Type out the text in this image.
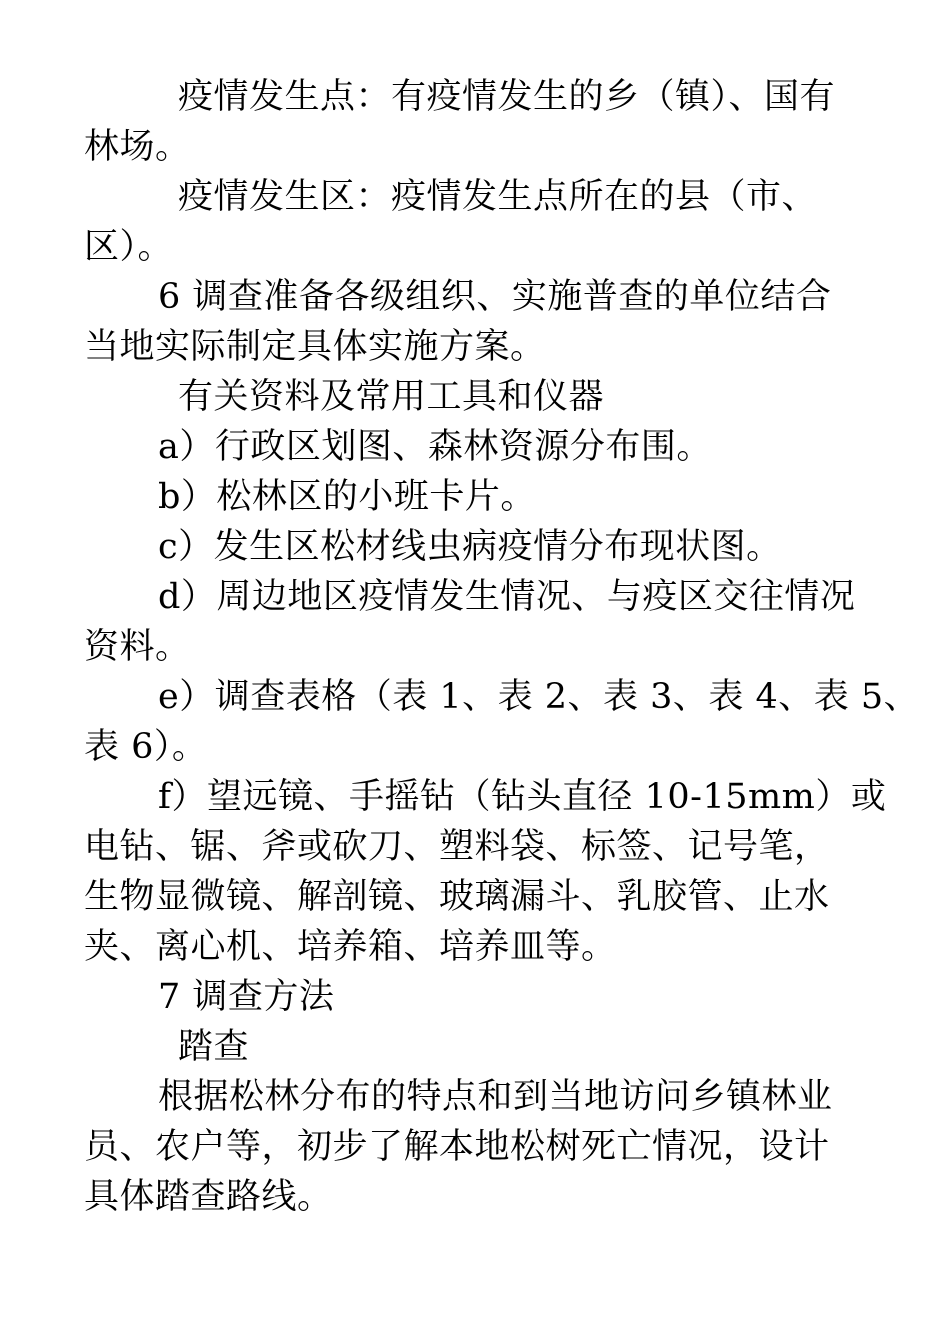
疫情发生点：有疫情发生的乡（镇）、国有
林场。
疫情发生区：疫情发生点所在的县（市、
区）。
6 调查准备各级组织、实施普查的单位结合
当地实际制定具体实施方案。
有关资料及常用工具和仪器
a）行政区划图、森林资源分布围。
b）松林区的小班卡片。
c）发生区松材线虫病疫情分布现状图。
d）周边地区疫情发生情况、与疫区交往情况
资料。
e）调查表格（表 1、表 2、表 3、表 4、表 5、
表 6）。
f）望远镜、手摇钻（钻头直径 10-15mm）或
电钻、锯、斧或砍刀、塑料袋、标签、记号笔，
生物显微镜、解剖镜、玻璃漏斗、乳胶管、止水
夹、离心机、培养箱、培养皿等。
7 调查方法
踏查
根据松林分布的特点和到当地访问乡镇林业
员、农户等，初步了解本地松树死亡情况，设计
具体踏查路线。
